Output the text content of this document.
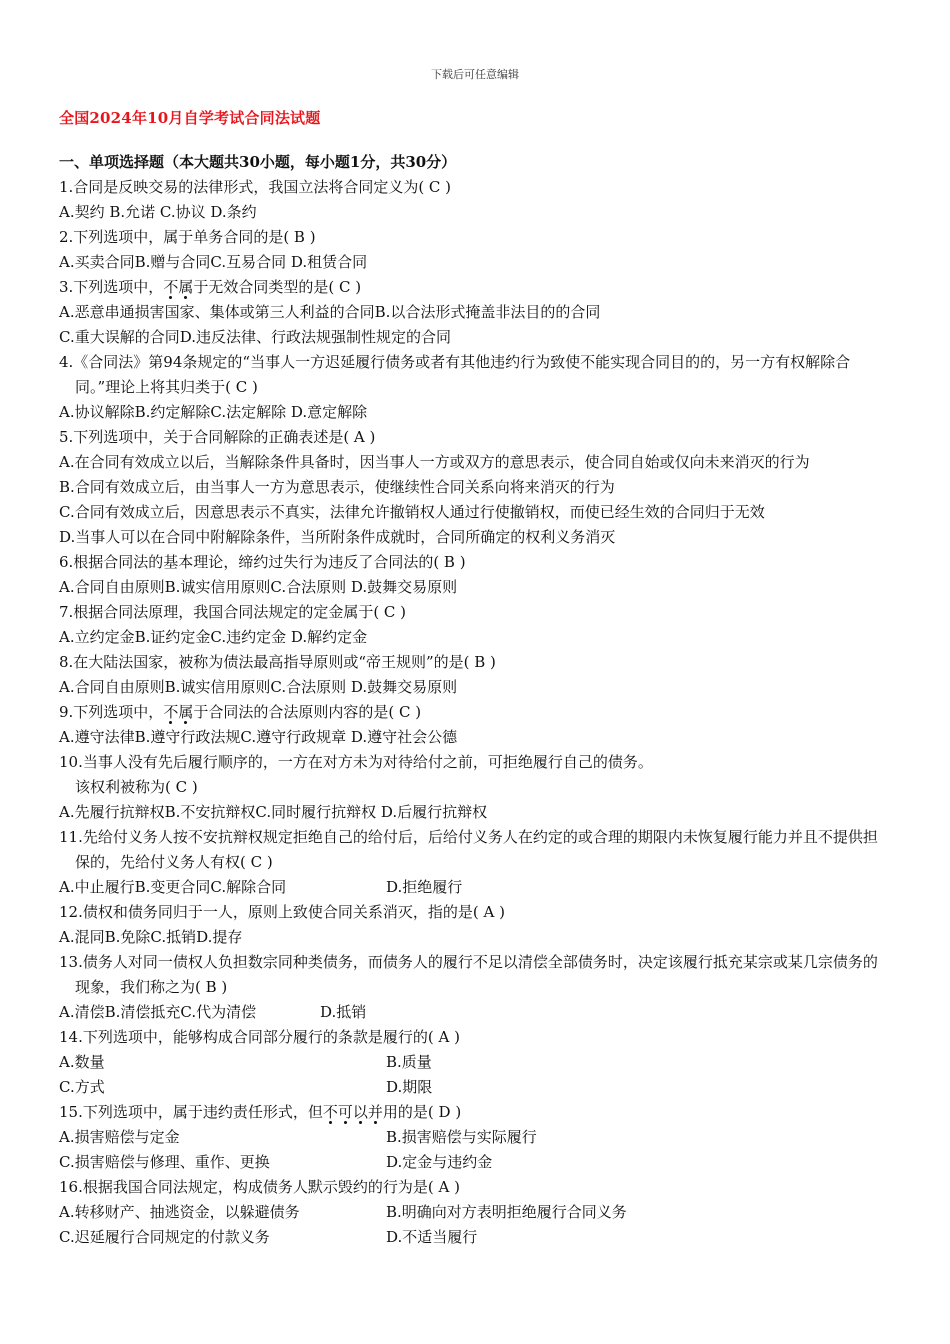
下载后可任意编辑
全国2024年10月自学考试合同法试题
一、单项选择题（本大题共30小题，每小题1分，共30分）
1.合同是反映交易的法律形式，我国立法将合同定义为( C )
A.契约 B.允诺 C.协议 D.条约
2.下列选项中，属于单务合同的是( B )
A.买卖合同B.赠与合同C.互易合同 D.租赁合同
3.下列选项中，不属于无效合同类型的是( C )
A.恶意串通损害国家、集体或第三人利益的合同B.以合法形式掩盖非法目的的合同
C.重大误解的合同D.违反法律、行政法规强制性规定的合同
4.《合同法》第94条规定的“当事人一方迟延履行债务或者有其他违约行为致使不能实现合同目的的，另一方有权解除合同。”理论上将其归类于( C )
A.协议解除B.约定解除C.法定解除 D.意定解除
5.下列选项中，关于合同解除的正确表述是( A )
A.在合同有效成立以后，当解除条件具备时，因当事人一方或双方的意思表示，使合同自始或仅向未来消灭的行为
B.合同有效成立后，由当事人一方为意思表示，使继续性合同关系向将来消灭的行为
C.合同有效成立后，因意思表示不真实，法律允许撤销权人通过行使撤销权，而使已经生效的合同归于无效
D.当事人可以在合同中附解除条件，当所附条件成就时，合同所确定的权利义务消灭
6.根据合同法的基本理论，缔约过失行为违反了合同法的( B )
A.合同自由原则B.诚实信用原则C.合法原则 D.鼓舞交易原则
7.根据合同法原理，我国合同法规定的定金属于( C )
A.立约定金B.证约定金C.违约定金 D.解约定金
8.在大陆法国家，被称为债法最高指导原则或“帝王规则”的是( B )
A.合同自由原则B.诚实信用原则C.合法原则 D.鼓舞交易原则
9.下列选项中，不属于合同法的合法原则内容的是( C )
A.遵守法律B.遵守行政法规C.遵守行政规章 D.遵守社会公德
10.当事人没有先后履行顺序的，一方在对方未为对待给付之前，可拒绝履行自己的债务。
该权利被称为( C )
A.先履行抗辩权B.不安抗辩权C.同时履行抗辩权 D.后履行抗辩权
11.先给付义务人按不安抗辩权规定拒绝自己的给付后，后给付义务人在约定的或合理的期限内未恢复履行能力并且不提供担保的，先给付义务人有权( C )
A.中止履行B.变更合同C.解除合同	D.拒绝履行
12.债权和债务同归于一人，原则上致使合同关系消灭，指的是( A )
A.混同B.免除C.抵销D.提存
13.债务人对同一债权人负担数宗同种类债务，而债务人的履行不足以清偿全部债务时，决定该履行抵充某宗或某几宗债务的现象，我们称之为( B )
A.清偿B.清偿抵充C.代为清偿	D.抵销
14.下列选项中，能够构成合同部分履行的条款是履行的( A )
A.数量	B.质量
C.方式	D.期限
15.下列选项中，属于违约责任形式，但不可以并用的是( D )
A.损害赔偿与定金	B.损害赔偿与实际履行
C.损害赔偿与修理、重作、更换	D.定金与违约金
16.根据我国合同法规定，构成债务人默示毁约的行为是( A )
A.转移财产、抽逃资金，以躲避债务	B.明确向对方表明拒绝履行合同义务
C.迟延履行合同规定的付款义务	D.不适当履行
